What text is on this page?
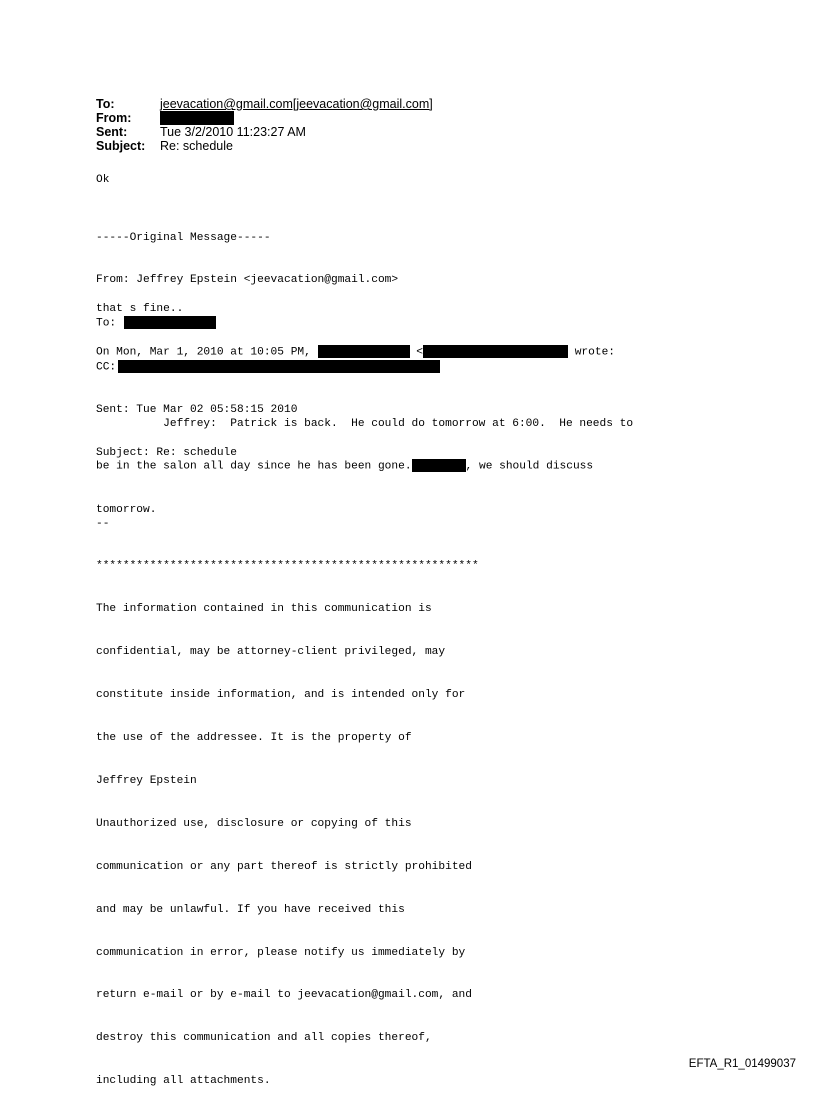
To:	jeevacation@gmail.com[jeevacation@gmail.com]
From:
Sent:	Tue 3/2/2010 11:23:27 AM
Subject:	Re: schedule
Ok

-----Original Message-----

From: Jeffrey Epstein <jeevacation@gmail.com>

To:

CC:

Sent: Tue Mar 02 05:58:15 2010

Subject: Re: schedule

that s fine..
On Mon, Mar 1, 2010 at 10:05 PM,	<	wrote:

Jeffrey:  Patrick is back.  He could do tomorrow at 6:00.  He needs to

be in the salon all day since he has been gone.	, we should discuss

tomorrow.

--

*********************************************************

The information contained in this communication is

confidential, may be attorney-client privileged, may

constitute inside information, and is intended only for

the use of the addressee. It is the property of

Jeffrey Epstein

Unauthorized use, disclosure or copying of this

communication or any part thereof is strictly prohibited

and may be unlawful. If you have received this

communication in error, please notify us immediately by

return e-mail or by e-mail to jeevacation@gmail.com, and

destroy this communication and all copies thereof,

including all attachments.

EFTA_R1_01499037
